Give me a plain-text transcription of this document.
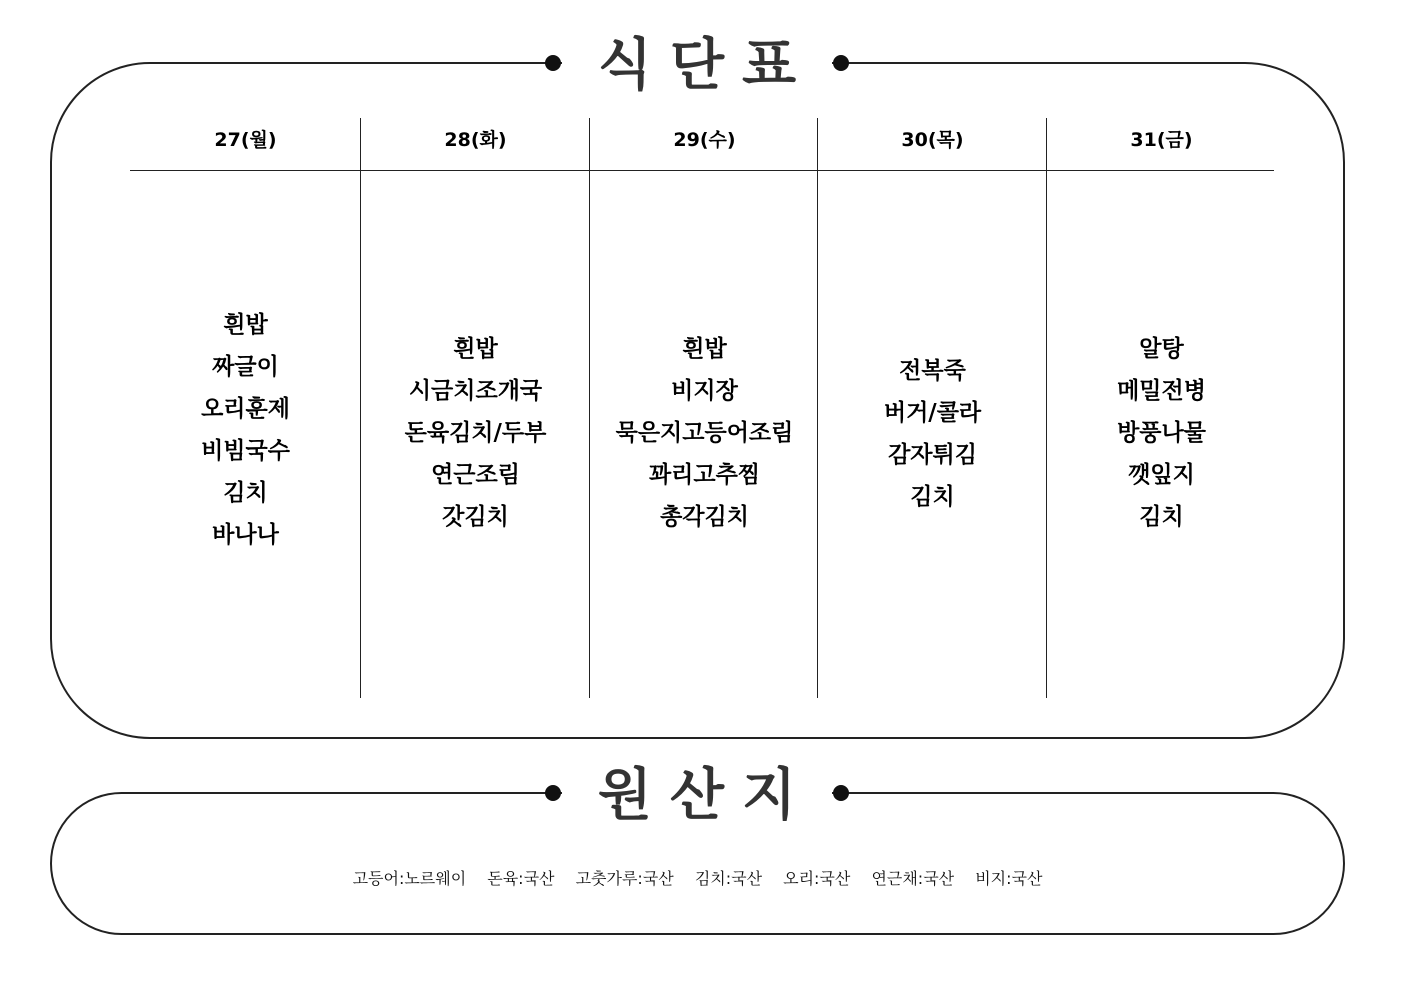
식단표
27(월)
흰밥
짜글이
오리훈제
비빔국수
김치
바나나
28(화)
흰밥
시금치조개국
돈육김치/두부
연근조림
갓김치
29(수)
흰밥
비지장
묵은지고등어조림
꽈리고추찜
총각김치
30(목)
전복죽
버거/콜라
감자튀김
김치
31(금)
알탕
메밀전병
방풍나물
깻잎지
김치
원산지
고등어:노르웨이 돈육:국산 고춧가루:국산 김치:국산 오리:국산 연근채:국산 비지:국산
